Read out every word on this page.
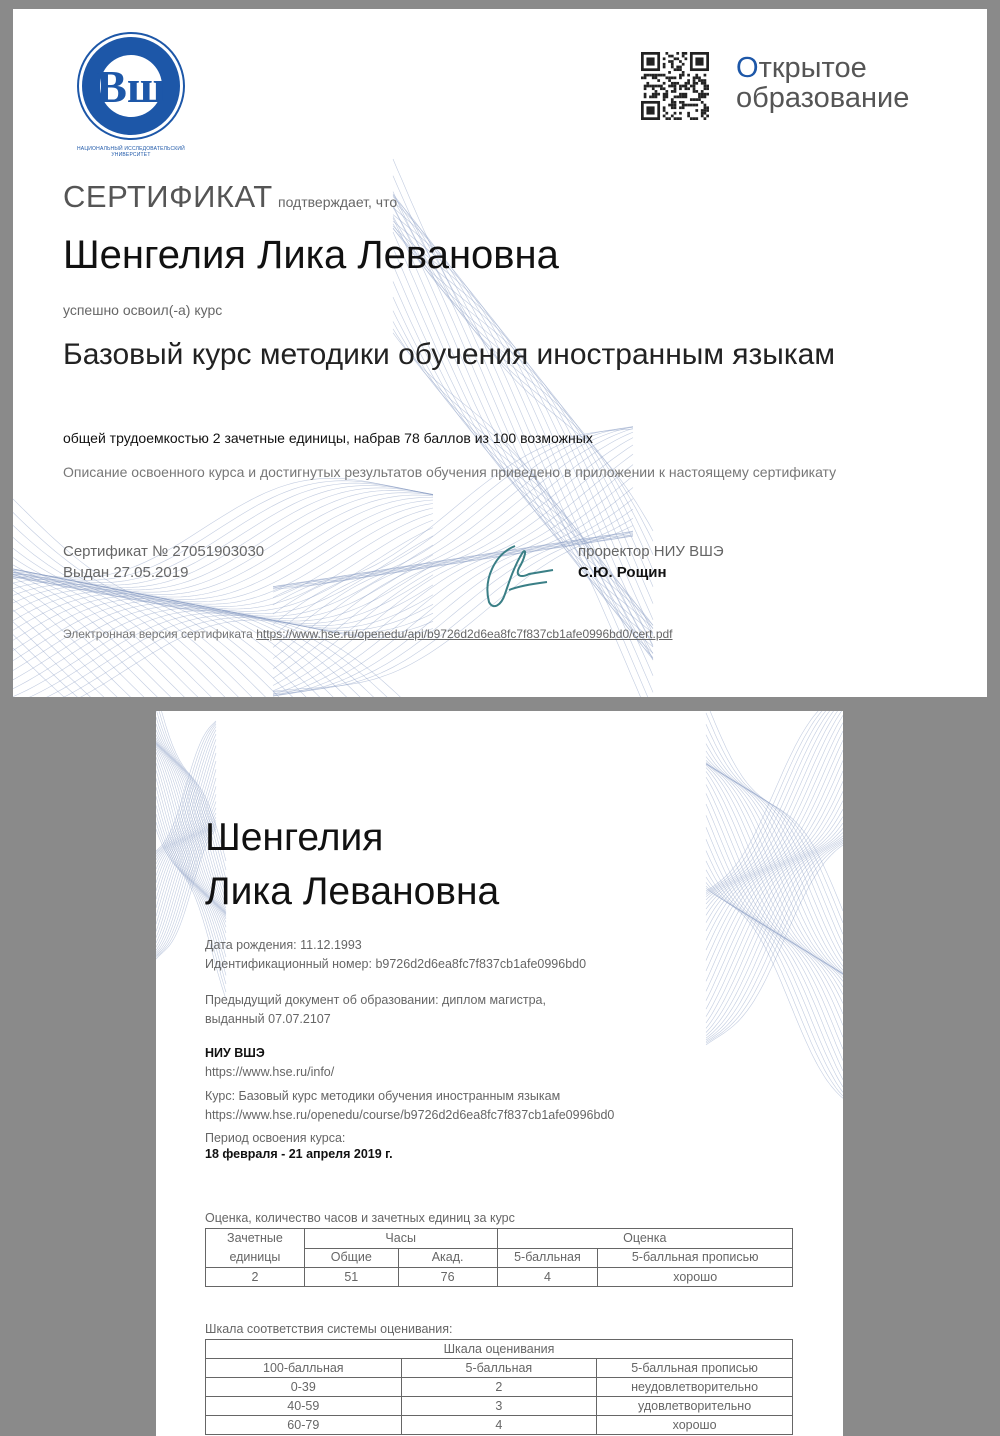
Вш
НАЦИОНАЛЬНЫЙ ИССЛЕДОВАТЕЛЬСКИЙ УНИВЕРСИТЕТ
Открытое
образование
СЕРТИФИКАТ подтверждает, что
Шенгелия Лика Левановна
успешно освоил(-а) курс
Базовый курс методики обучения иностранным языкам
общей трудоемкостью 2 зачетные единицы, набрав 78 баллов из 100 возможных
Описание освоенного курса и достигнутых результатов обучения приведено в приложении к настоящему сертификату
Сертификат № 27051903030
Выдан 27.05.2019
проректор НИУ ВШЭ
С.Ю. Рощин
Электронная версия сертификата https://www.hse.ru/openedu/api/b9726d2d6ea8fc7f837cb1afe0996bd0/cert.pdf
Шенгелия
Лика Левановна
Дата рождения: 11.12.1993
Идентификационный номер: b9726d2d6ea8fc7f837cb1afe0996bd0
Предыдущий документ об образовании: диплом магистра,
выданный 07.07.2107
НИУ ВШЭ
https://www.hse.ru/info/
Курс: Базовый курс методики обучения иностранным языкам
https://www.hse.ru/openedu/course/b9726d2d6ea8fc7f837cb1afe0996bd0
Период освоения курса:
18 февраля - 21 апреля 2019 г.
Оценка, количество часов и зачетных единиц за курс
Зачетные
единицы	Часы		Оценка	
	Общие	Акад.	5-балльная	5-балльная прописью
2	51	76	4	хорошо
Шкала соответствия системы оценивания:
Шкала оценивания		
100-балльная	5-балльная	5-балльная прописью
0-39	2	неудовлетворительно
40-59	3	удовлетворительно
60-79	4	хорошо
